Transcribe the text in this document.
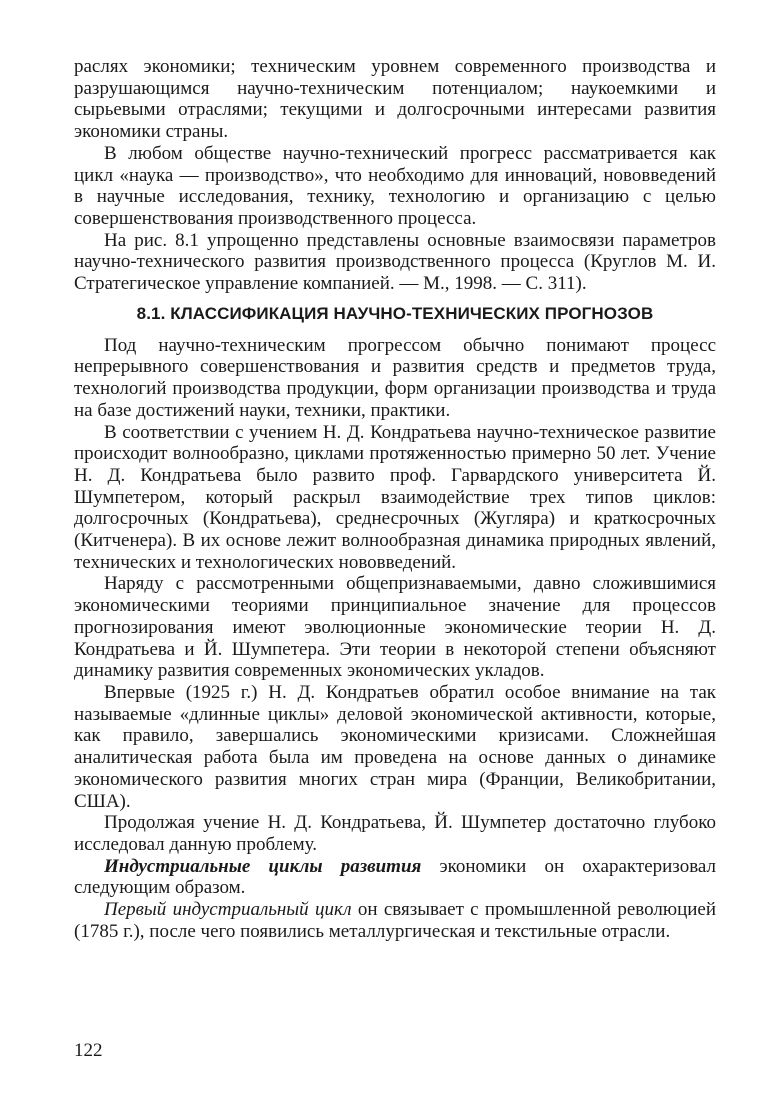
раслях экономики; техническим уровнем современного производства и разрушающимся научно-техническим потенциалом; наукоемкими и сырьевыми отраслями; текущими и долгосрочными интересами развития экономики страны.

В любом обществе научно-технический прогресс рассматривается как цикл «наука — производство», что необходимо для инноваций, нововведений в научные исследования, технику, технологию и организацию с целью совершенствования производственного процесса.

На рис. 8.1 упрощенно представлены основные взаимосвязи параметров научно-технического развития производственного процесса (Круглов М. И. Стратегическое управление компанией. — М., 1998. — С. 311).

8.1. КЛАССИФИКАЦИЯ НАУЧНО-ТЕХНИЧЕСКИХ ПРОГНОЗОВ

Под научно-техническим прогрессом обычно понимают процесс непрерывного совершенствования и развития средств и предметов труда, технологий производства продукции, форм организации производства и труда на базе достижений науки, техники, практики.

В соответствии с учением Н. Д. Кондратьева научно-техническое развитие происходит волнообразно, циклами протяженностью примерно 50 лет. Учение Н. Д. Кондратьева было развито проф. Гарвардского университета Й. Шумпетером, который раскрыл взаимодействие трех типов циклов: долгосрочных (Кондратьева), среднесрочных (Жугляра) и краткосрочных (Китченера). В их основе лежит волнообразная динамика природных явлений, технических и технологических нововведений.

Наряду с рассмотренными общепризнаваемыми, давно сложившимися экономическими теориями принципиальное значение для процессов прогнозирования имеют эволюционные экономические теории Н. Д. Кондратьева и Й. Шумпетера. Эти теории в некоторой степени объясняют динамику развития современных экономических укладов.

Впервые (1925 г.) Н. Д. Кондратьев обратил особое внимание на так называемые «длинные циклы» деловой экономической активности, которые, как правило, завершались экономическими кризисами. Сложнейшая аналитическая работа была им проведена на основе данных о динамике экономического развития многих стран мира (Франции, Великобритании, США).

Продолжая учение Н. Д. Кондратьева, Й. Шумпетер достаточно глубоко исследовал данную проблему.

Индустриальные циклы развития экономики он охарактеризовал следующим образом.

Первый индустриальный цикл он связывает с промышленной революцией (1785 г.), после чего появились металлургическая и текстильные отрасли.

122
